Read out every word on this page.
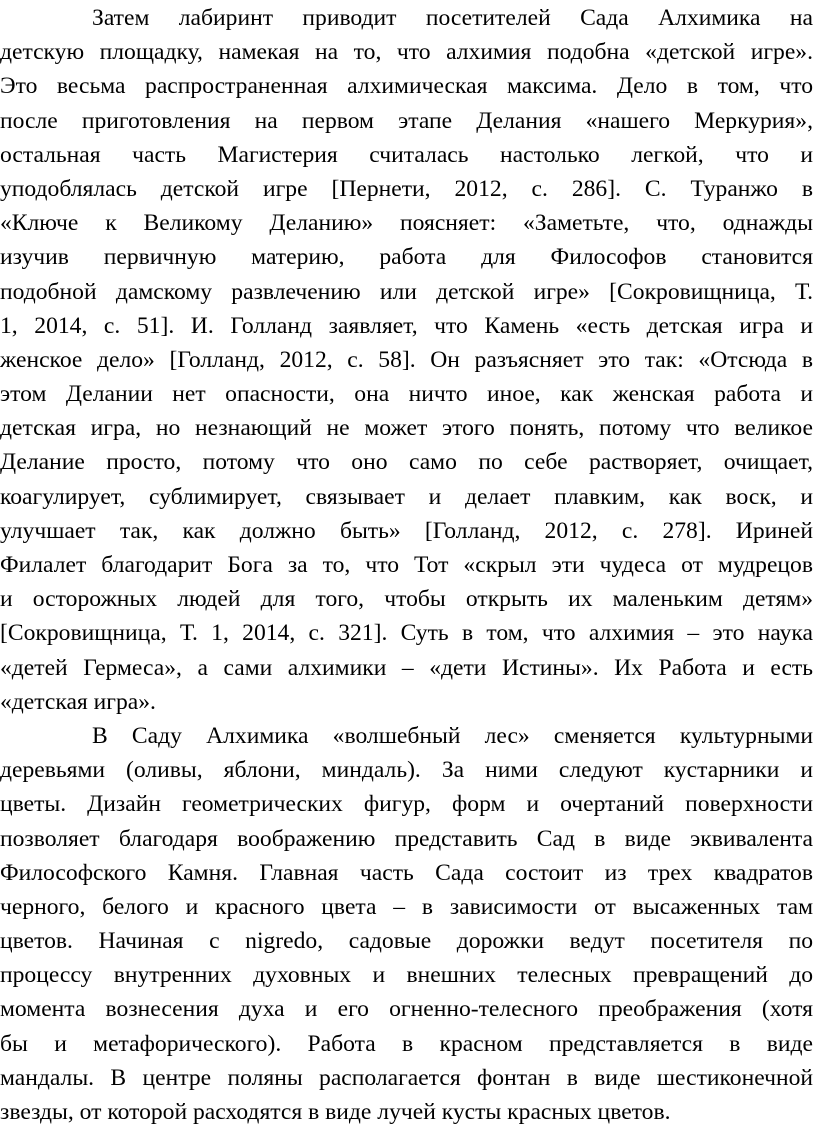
Затем лабиринт приводит посетителей Сада Алхимика на
детскую площадку, намекая на то, что алхимия подобна «детской игре».
Это весьма распространенная алхимическая максима. Дело в том, что
после приготовления на первом этапе Делания «нашего Меркурия»,
остальная часть Магистерия считалась настолько легкой, что и
уподоблялась детской игре [Пернети, 2012, с. 286]. С. Туранжо в
«Ключе к Великому Деланию» поясняет: «Заметьте, что, однажды
изучив первичную материю, работа для Философов становится
подобной дамскому развлечению или детской игре» [Сокровищница, Т.
1, 2014, с. 51]. И. Голланд заявляет, что Камень «есть детская игра и
женское дело» [Голланд, 2012, с. 58]. Он разъясняет это так: «Отсюда в
этом Делании нет опасности, она ничто иное, как женская работа и
детская игра, но незнающий не может этого понять, потому что великое
Делание просто, потому что оно само по себе растворяет, очищает,
коагулирует, сублимирует, связывает и делает плавким, как воск, и
улучшает так, как должно быть» [Голланд, 2012, с. 278]. Ириней
Филалет благодарит Бога за то, что Тот «скрыл эти чудеса от мудрецов
и осторожных людей для того, чтобы открыть их маленьким детям»
[Сокровищница, Т. 1, 2014, с. 321]. Суть в том, что алхимия – это наука
«детей Гермеса», а сами алхимики – «дети Истины». Их Работа и есть
«детская игра».
В Саду Алхимика «волшебный лес» сменяется культурными
деревьями (оливы, яблони, миндаль). За ними следуют кустарники и
цветы. Дизайн геометрических фигур, форм и очертаний поверхности
позволяет благодаря воображению представить Сад в виде эквивалента
Философского Камня. Главная часть Сада состоит из трех квадратов
черного, белого и красного цвета – в зависимости от высаженных там
цветов. Начиная с nigredo, садовые дорожки ведут посетителя по
процессу внутренних духовных и внешних телесных превращений до
момента вознесения духа и его огненно-телесного преображения (хотя
бы и метафорического). Работа в красном представляется в виде
мандалы. В центре поляны располагается фонтан в виде шестиконечной
звезды, от которой расходятся в виде лучей кусты красных цветов.
